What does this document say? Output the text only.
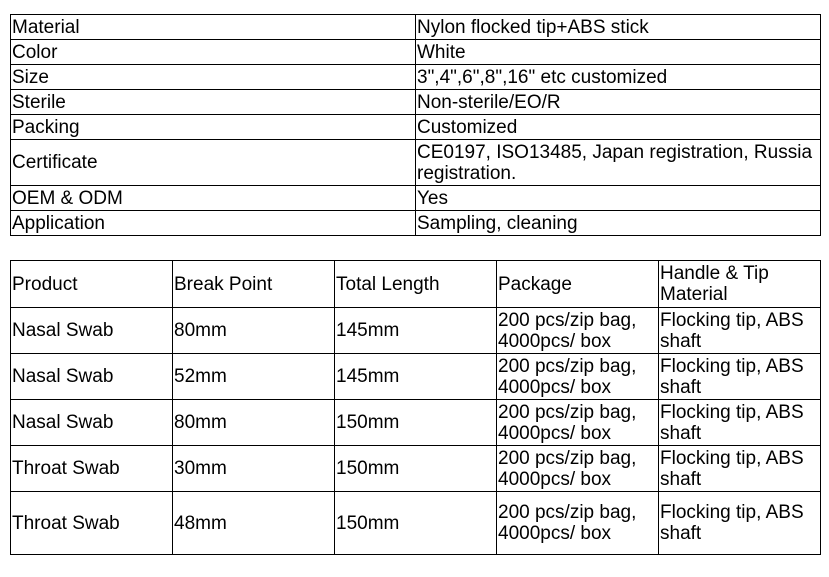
Material	Nylon flocked tip+ABS stick
Color	White
Size	3",4",6",8",16" etc customized
Sterile	Non-sterile/EO/R
Packing	Customized
Certificate	CE0197, ISO13485, Japan registration, Russia registration.
OEM & ODM	Yes
Application	Sampling, cleaning
Product	Break Point	Total Length	Package	Handle & Tip Material
Nasal Swab	80mm	145mm	200 pcs/zip bag, 4000pcs/ box	Flocking tip, ABS shaft
Nasal Swab	52mm	145mm	200 pcs/zip bag, 4000pcs/ box	Flocking tip, ABS shaft
Nasal Swab	80mm	150mm	200 pcs/zip bag, 4000pcs/ box	Flocking tip, ABS shaft
Throat Swab	30mm	150mm	200 pcs/zip bag, 4000pcs/ box	Flocking tip, ABS shaft
Throat Swab	48mm	150mm	200 pcs/zip bag, 4000pcs/ box	Flocking tip, ABS shaft
